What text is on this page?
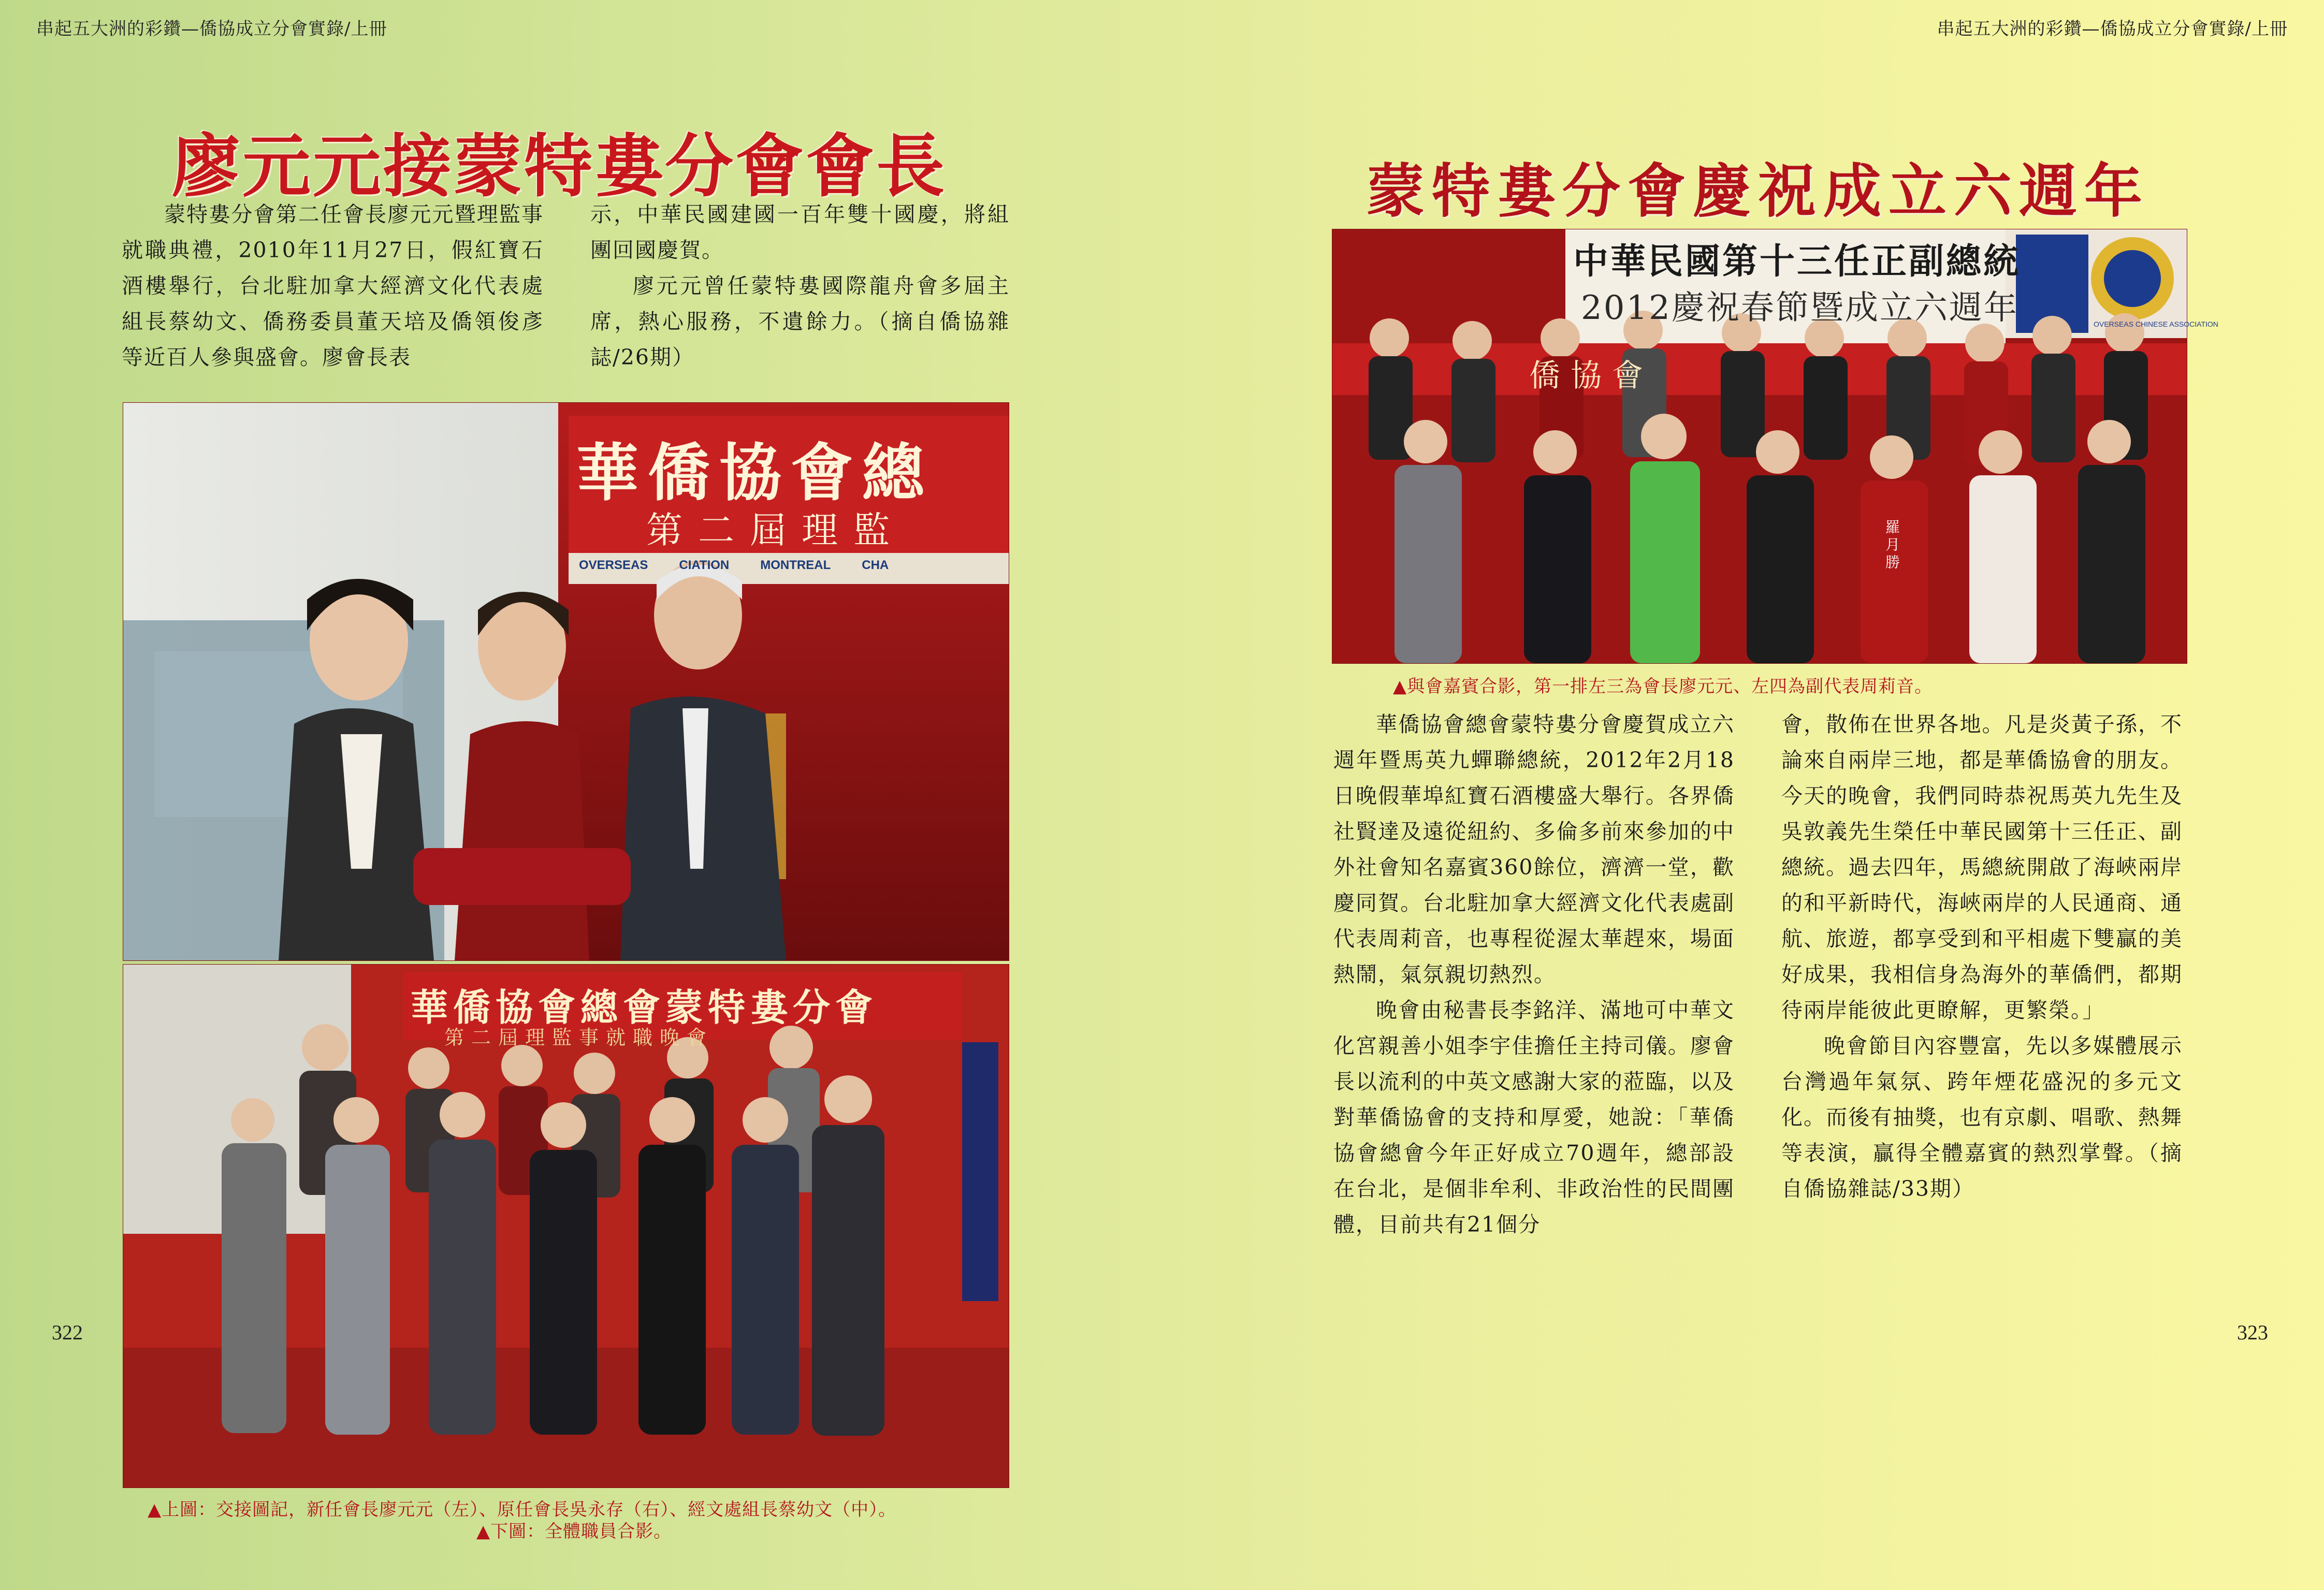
串起五大洲的彩鑽—僑協成立分會實錄/上冊	串起五大洲的彩鑽—僑協成立分會實錄/上冊
322	323
廖元元接蒙特婁分會會長

蒙特婁分會第二任會長廖元元暨理監事就職典禮，2010年11月27日，假紅寶石酒樓舉行，台北駐加拿大經濟文化代表處組長蔡幼文、僑務委員董天培及僑領俊彥等近百人參與盛會。廖會長表

示，中華民國建國一百年雙十國慶，將組團回國慶賀。

廖元元曾任蒙特婁國際龍舟會多屆主席，熱心服務，不遺餘力。（摘自僑協雜誌/26期）

華僑協會總
第二屆理監
OVERSEAS	CIATION	MONTREAL	CHA
華僑協會總會蒙特婁分會
第二屆理監事就職晚會
▲上圖：交接圖記，新任會長廖元元（左）、原任會長吳永存（右）、經文處組長蔡幼文（中）。
▲下圖：全體職員合影。
蒙特婁分會慶祝成立六週年
中華民國第十三任正副總統
2012慶祝春節暨成立六週年
僑協會
OVERSEAS CHINESE ASSOCIATION
羅月勝
▲與會嘉賓合影，第一排左三為會長廖元元、左四為副代表周莉音。

華僑協會總會蒙特婁分會慶賀成立六週年暨馬英九蟬聯總統，2012年2月18日晚假華埠紅寶石酒樓盛大舉行。各界僑社賢達及遠從紐約、多倫多前來參加的中外社會知名嘉賓360餘位，濟濟一堂，歡慶同賀。台北駐加拿大經濟文化代表處副代表周莉音，也專程從渥太華趕來，場面熱鬧，氣氛親切熱烈。

晚會由秘書長李銘洋、滿地可中華文化宮親善小姐李宇佳擔任主持司儀。廖會長以流利的中英文感謝大家的蒞臨，以及對華僑協會的支持和厚愛，她說：「華僑協會總會今年正好成立70週年，總部設在台北，是個非牟利、非政治性的民間團體，目前共有21個分

會，散佈在世界各地。凡是炎黃子孫，不論來自兩岸三地，都是華僑協會的朋友。今天的晚會，我們同時恭祝馬英九先生及吳敦義先生榮任中華民國第十三任正、副總統。過去四年，馬總統開啟了海峽兩岸的和平新時代，海峽兩岸的人民通商、通航、旅遊，都享受到和平相處下雙贏的美好成果，我相信身為海外的華僑們，都期待兩岸能彼此更瞭解，更繁榮。」

晚會節目內容豐富，先以多媒體展示台灣過年氣氛、跨年煙花盛況的多元文化。而後有抽獎，也有京劇、唱歌、熱舞等表演，贏得全體嘉賓的熱烈掌聲。（摘自僑協雜誌/33期）
